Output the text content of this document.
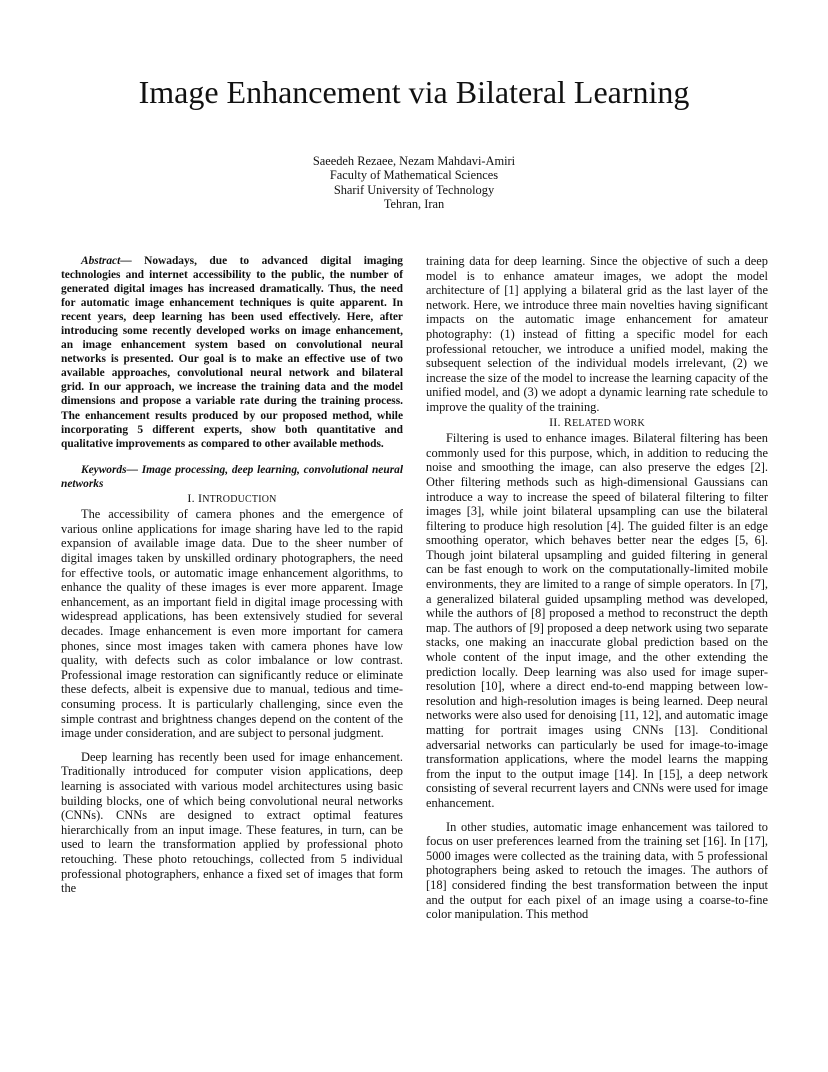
Image Enhancement via Bilateral Learning
Saeedeh Rezaee, Nezam Mahdavi-Amiri
Faculty of Mathematical Sciences
Sharif University of Technology
Tehran, Iran

Abstract— Nowadays, due to advanced digital imaging technologies and internet accessibility to the public, the number of generated digital images has increased dramatically. Thus, the need for automatic image enhancement techniques is quite apparent. In recent years, deep learning has been used effectively. Here, after introducing some recently developed works on image enhancement, an image enhancement system based on convolutional neural networks is presented. Our goal is to make an effective use of two available approaches, convolutional neural network and bilateral grid. In our approach, we increase the training data and the model dimensions and propose a variable rate during the training process. The enhancement results produced by our proposed method, while incorporating 5 different experts, show both quantitative and qualitative improvements as compared to other available methods.

Keywords— Image processing, deep learning, convolutional neural networks

I. INTRODUCTION

The accessibility of camera phones and the emergence of various online applications for image sharing have led to the rapid expansion of available image data. Due to the sheer number of digital images taken by unskilled ordinary photographers, the need for effective tools, or automatic image enhancement algorithms, to enhance the quality of these images is ever more apparent. Image enhancement, as an important field in digital image processing with widespread applications, has been extensively studied for several decades. Image enhancement is even more important for camera phones, since most images taken with camera phones have low quality, with defects such as color imbalance or low contrast. Professional image restoration can significantly reduce or eliminate these defects, albeit is expensive due to manual, tedious and time-consuming process. It is particularly challenging, since even the simple contrast and brightness changes depend on the content of the image under consideration, and are subject to personal judgment.

Deep learning has recently been used for image enhancement. Traditionally introduced for computer vision applications, deep learning is associated with various model architectures using basic building blocks, one of which being convolutional neural networks (CNNs). CNNs are designed to extract optimal features hierarchically from an input image. These features, in turn, can be used to learn the transformation applied by professional photo retouching. These photo retouchings, collected from 5 individual professional photographers, enhance a fixed set of images that form the

training data for deep learning. Since the objective of such a deep model is to enhance amateur images, we adopt the model architecture of [1] applying a bilateral grid as the last layer of the network. Here, we introduce three main novelties having significant impacts on the automatic image enhancement for amateur photography: (1) instead of fitting a specific model for each professional retoucher, we introduce a unified model, making the subsequent selection of the individual models irrelevant, (2) we increase the size of the model to increase the learning capacity of the unified model, and (3) we adopt a dynamic learning rate schedule to improve the quality of the training.

II. RELATED WORK

Filtering is used to enhance images. Bilateral filtering has been commonly used for this purpose, which, in addition to reducing the noise and smoothing the image, can also preserve the edges [2]. Other filtering methods such as high-dimensional Gaussians can introduce a way to increase the speed of bilateral filtering to filter images [3], while joint bilateral upsampling can use the bilateral filtering to produce high resolution [4]. The guided filter is an edge smoothing operator, which behaves better near the edges [5, 6]. Though joint bilateral upsampling and guided filtering in general can be fast enough to work on the computationally-limited mobile environments, they are limited to a range of simple operators. In [7], a generalized bilateral guided upsampling method was developed, while the authors of [8] proposed a method to reconstruct the depth map. The authors of [9] proposed a deep network using two separate stacks, one making an inaccurate global prediction based on the whole content of the input image, and the other extending the prediction locally. Deep learning was also used for image super-resolution [10], where a direct end-to-end mapping between low-resolution and high-resolution images is being learned. Deep neural networks were also used for denoising [11, 12], and automatic image matting for portrait images using CNNs [13]. Conditional adversarial networks can particularly be used for image-to-image transformation applications, where the model learns the mapping from the input to the output image [14]. In [15], a deep network consisting of several recurrent layers and CNNs were used for image enhancement.

In other studies, automatic image enhancement was tailored to focus on user preferences learned from the training set [16]. In [17], 5000 images were collected as the training data, with 5 professional photographers being asked to retouch the images. The authors of [18] considered finding the best transformation between the input and the output for each pixel of an image using a coarse-to-fine color manipulation. This method
